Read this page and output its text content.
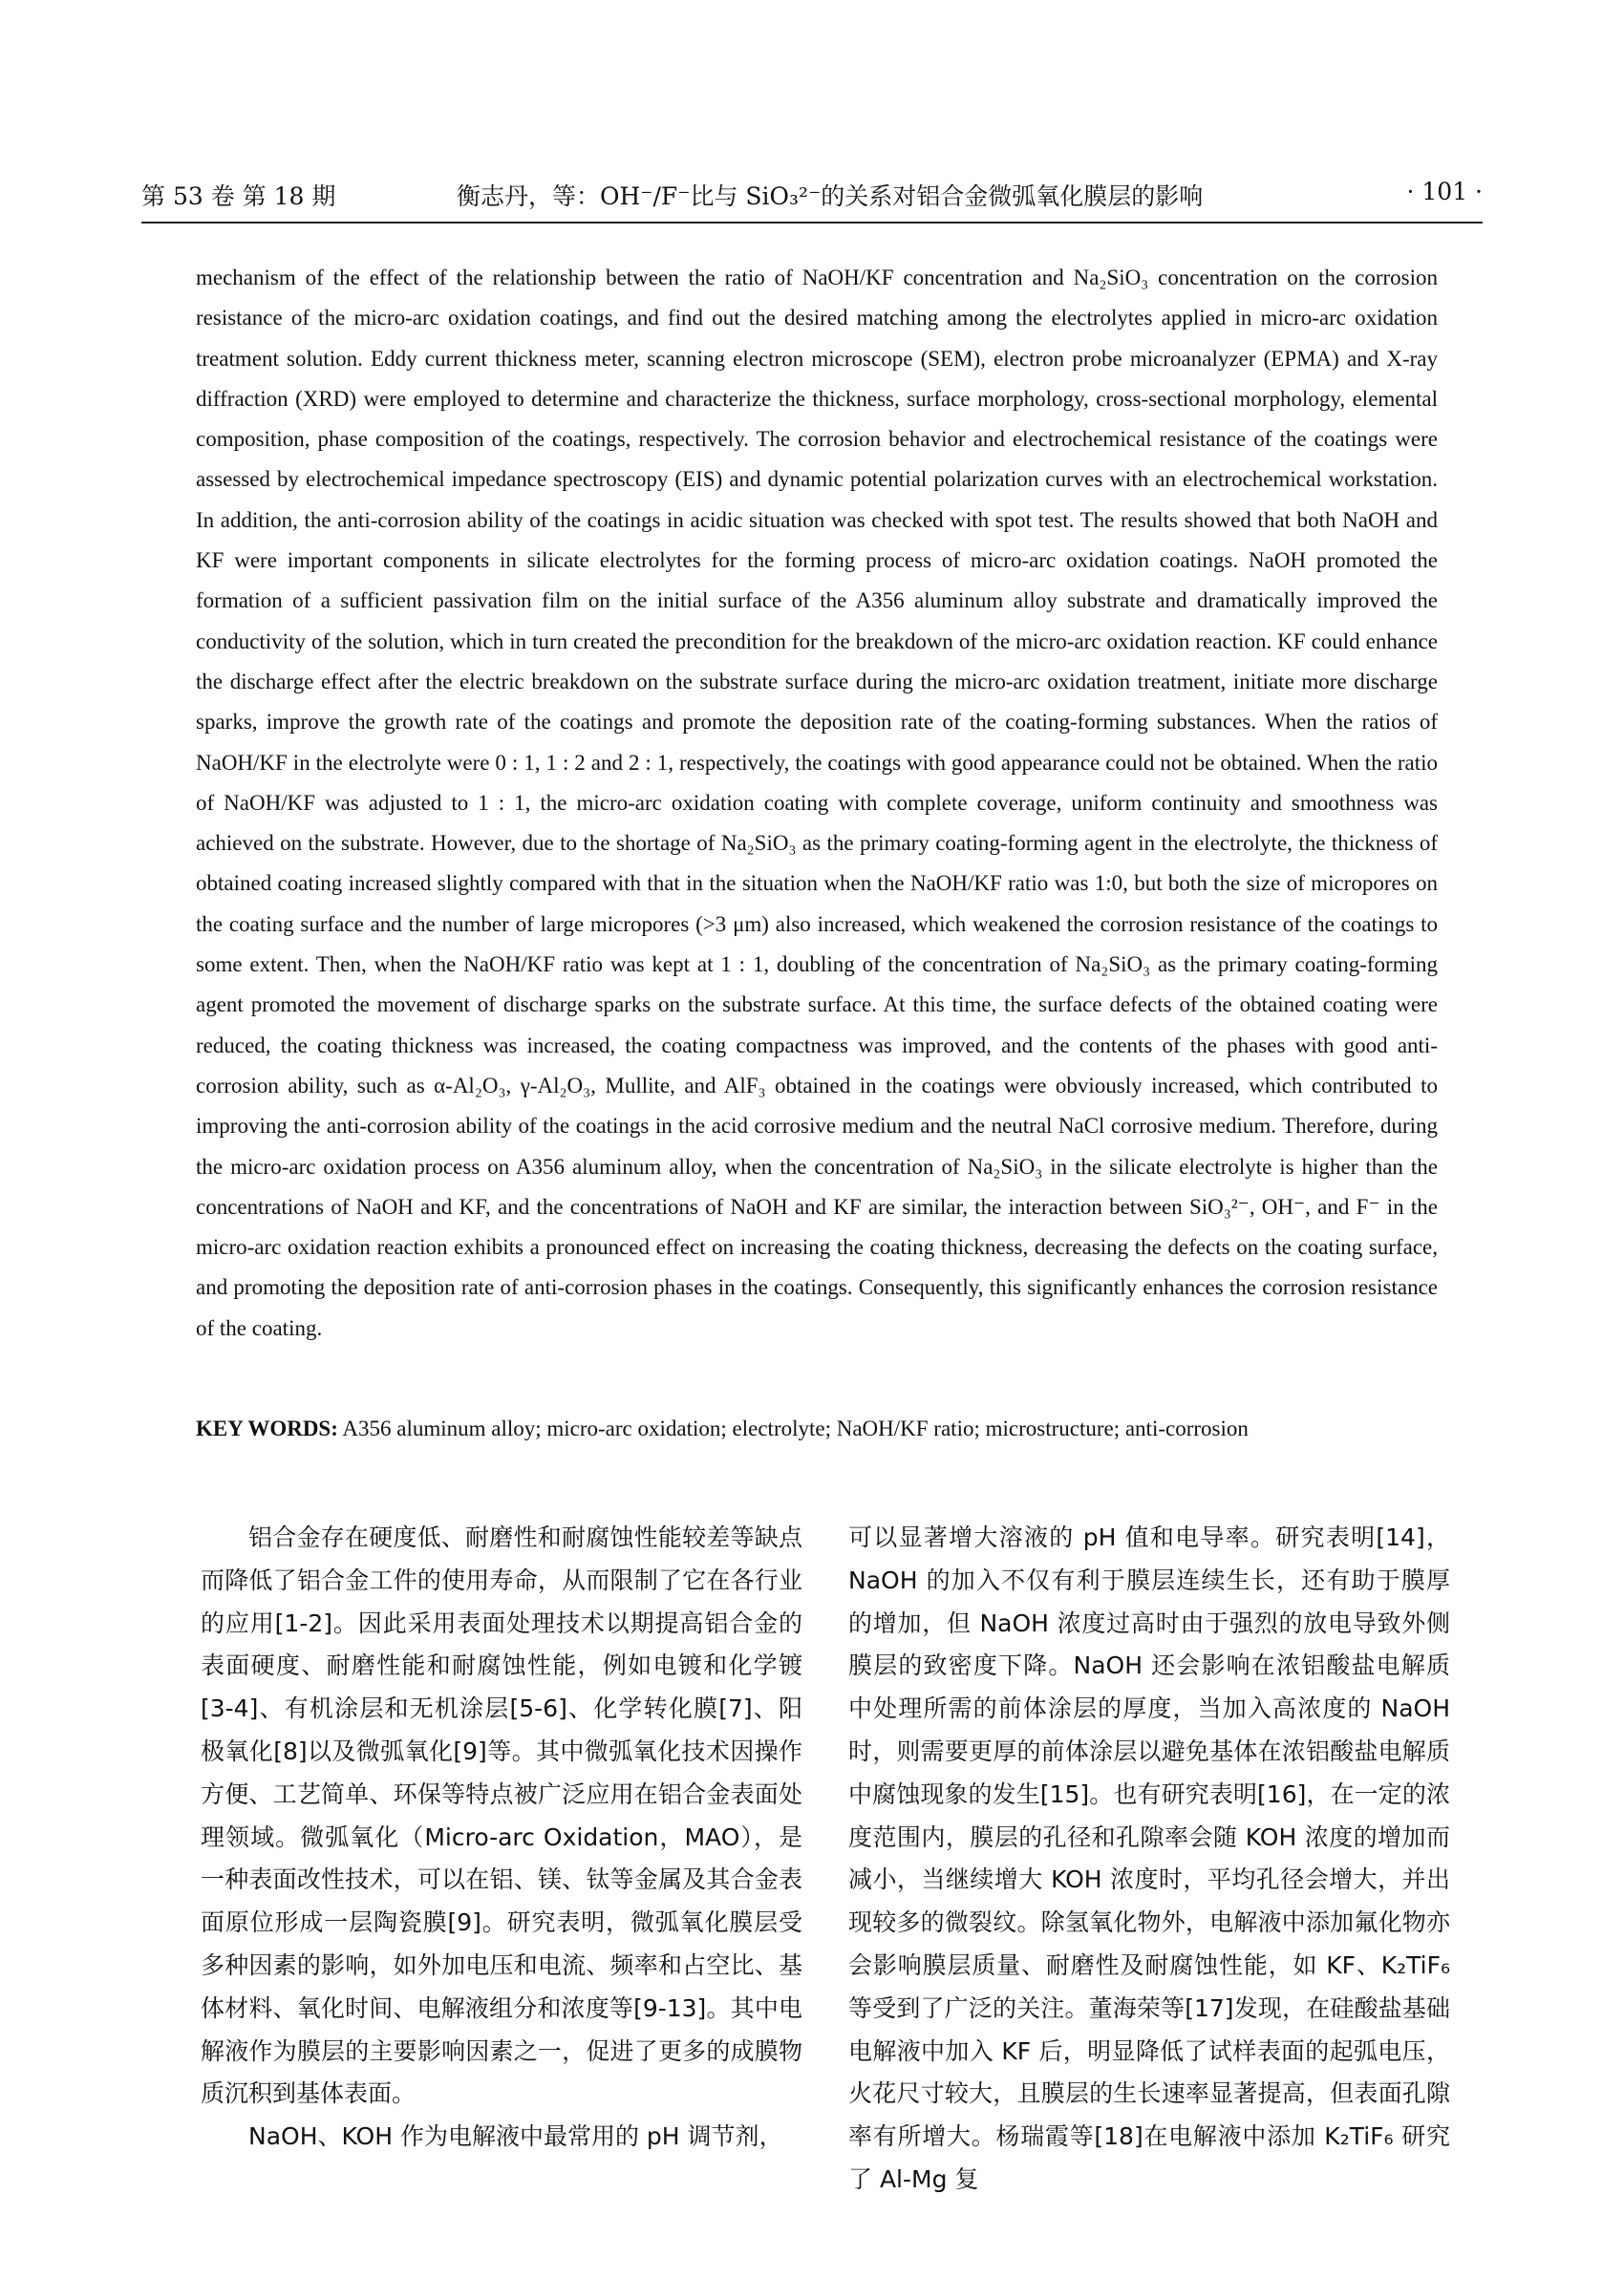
第 53 卷 第 18 期	衡志丹，等：OH⁻/F⁻比与 SiO₃²⁻的关系对铝合金微弧氧化膜层的影响	· 101 ·

mechanism of the effect of the relationship between the ratio of NaOH/KF concentration and Na₂SiO₃ concentration on the corrosion resistance of the micro-arc oxidation coatings, and find out the desired matching among the electrolytes applied in micro-arc oxidation treatment solution. Eddy current thickness meter, scanning electron microscope (SEM), electron probe microanalyzer (EPMA) and X-ray diffraction (XRD) were employed to determine and characterize the thickness, surface morphology, cross-sectional morphology, elemental composition, phase composition of the coatings, respectively. The corrosion behavior and electrochemical resistance of the coatings were assessed by electrochemical impedance spectroscopy (EIS) and dynamic potential polarization curves with an electrochemical workstation. In addition, the anti-corrosion ability of the coatings in acidic situation was checked with spot test. The results showed that both NaOH and KF were important components in silicate electrolytes for the forming process of micro-arc oxidation coatings. NaOH promoted the formation of a sufficient passivation film on the initial surface of the A356 aluminum alloy substrate and dramatically improved the conductivity of the solution, which in turn created the precondition for the breakdown of the micro-arc oxidation reaction. KF could enhance the discharge effect after the electric breakdown on the substrate surface during the micro-arc oxidation treatment, initiate more discharge sparks, improve the growth rate of the coatings and promote the deposition rate of the coating-forming substances. When the ratios of NaOH/KF in the electrolyte were 0 : 1, 1 : 2 and 2 : 1, respectively, the coatings with good appearance could not be obtained. When the ratio of NaOH/KF was adjusted to 1 : 1, the micro-arc oxidation coating with complete coverage, uniform continuity and smoothness was achieved on the substrate. However, due to the shortage of Na₂SiO₃ as the primary coating-forming agent in the electrolyte, the thickness of obtained coating increased slightly compared with that in the situation when the NaOH/KF ratio was 1:0, but both the size of micropores on the coating surface and the number of large micropores (>3 μm) also increased, which weakened the corrosion resistance of the coatings to some extent. Then, when the NaOH/KF ratio was kept at 1 : 1, doubling of the concentration of Na₂SiO₃ as the primary coating-forming agent promoted the movement of discharge sparks on the substrate surface. At this time, the surface defects of the obtained coating were reduced, the coating thickness was increased, the coating compactness was improved, and the contents of the phases with good anti-corrosion ability, such as α-Al₂O₃, γ-Al₂O₃, Mullite, and AlF₃ obtained in the coatings were obviously increased, which contributed to improving the anti-corrosion ability of the coatings in the acid corrosive medium and the neutral NaCl corrosive medium. Therefore, during the micro-arc oxidation process on A356 aluminum alloy, when the concentration of Na₂SiO₃ in the silicate electrolyte is higher than the concentrations of NaOH and KF, and the concentrations of NaOH and KF are similar, the interaction between SiO₃²⁻, OH⁻, and F⁻ in the micro-arc oxidation reaction exhibits a pronounced effect on increasing the coating thickness, decreasing the defects on the coating surface, and promoting the deposition rate of anti-corrosion phases in the coatings. Consequently, this significantly enhances the corrosion resistance of the coating.

KEY WORDS: A356 aluminum alloy; micro-arc oxidation; electrolyte; NaOH/KF ratio; microstructure; anti-corrosion

铝合金存在硬度低、耐磨性和耐腐蚀性能较差等缺点而降低了铝合金工件的使用寿命，从而限制了它在各行业的应用[1-2]。因此采用表面处理技术以期提高铝合金的表面硬度、耐磨性能和耐腐蚀性能，例如电镀和化学镀[3-4]、有机涂层和无机涂层[5-6]、化学转化膜[7]、阳极氧化[8]以及微弧氧化[9]等。其中微弧氧化技术因操作方便、工艺简单、环保等特点被广泛应用在铝合金表面处理领域。微弧氧化（Micro-arc Oxidation，MAO），是一种表面改性技术，可以在铝、镁、钛等金属及其合金表面原位形成一层陶瓷膜[9]。研究表明，微弧氧化膜层受多种因素的影响，如外加电压和电流、频率和占空比、基体材料、氧化时间、电解液组分和浓度等[9-13]。其中电解液作为膜层的主要影响因素之一，促进了更多的成膜物质沉积到基体表面。

NaOH、KOH 作为电解液中最常用的 pH 调节剂，

可以显著增大溶液的 pH 值和电导率。研究表明[14]，NaOH 的加入不仅有利于膜层连续生长，还有助于膜厚的增加，但 NaOH 浓度过高时由于强烈的放电导致外侧膜层的致密度下降。NaOH 还会影响在浓铝酸盐电解质中处理所需的前体涂层的厚度，当加入高浓度的 NaOH 时，则需要更厚的前体涂层以避免基体在浓铝酸盐电解质中腐蚀现象的发生[15]。也有研究表明[16]，在一定的浓度范围内，膜层的孔径和孔隙率会随 KOH 浓度的增加而减小，当继续增大 KOH 浓度时，平均孔径会增大，并出现较多的微裂纹。除氢氧化物外，电解液中添加氟化物亦会影响膜层质量、耐磨性及耐腐蚀性能，如 KF、K₂TiF₆ 等受到了广泛的关注。董海荣等[17]发现，在硅酸盐基础电解液中加入 KF 后，明显降低了试样表面的起弧电压，火花尺寸较大，且膜层的生长速率显著提高，但表面孔隙率有所增大。杨瑞霞等[18]在电解液中添加 K₂TiF₆ 研究了 Al-Mg 复
